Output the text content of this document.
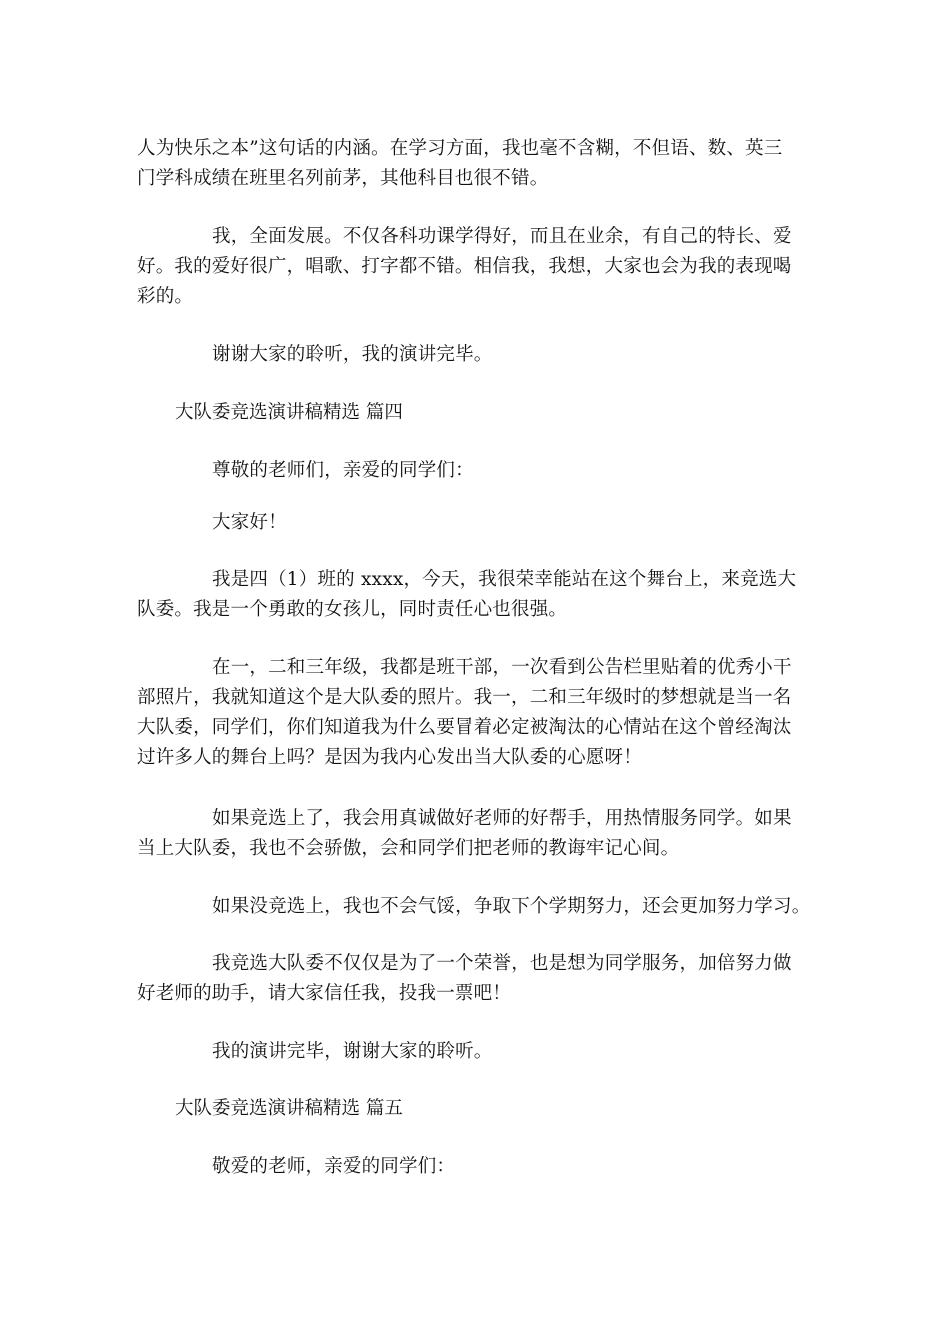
人为快乐之本”这句话的内涵。在学习方面，我也毫不含糊，不但语、数、英三
门学科成绩在班里名列前茅，其他科目也很不错。
我，全面发展。不仅各科功课学得好，而且在业余，有自己的特长、爱
好。我的爱好很广，唱歌、打字都不错。相信我，我想，大家也会为我的表现喝
彩的。
谢谢大家的聆听，我的演讲完毕。
大队委竞选演讲稿精选 篇四
尊敬的老师们，亲爱的同学们：
大家好！
我是四（1）班的 xxxx，今天，我很荣幸能站在这个舞台上，来竞选大
队委。我是一个勇敢的女孩儿，同时责任心也很强。
在一，二和三年级，我都是班干部，一次看到公告栏里贴着的优秀小干
部照片，我就知道这个是大队委的照片。我一，二和三年级时的梦想就是当一名
大队委，同学们，你们知道我为什么要冒着必定被淘汰的心情站在这个曾经淘汰
过许多人的舞台上吗？是因为我内心发出当大队委的心愿呀！
如果竞选上了，我会用真诚做好老师的好帮手，用热情服务同学。如果
当上大队委，我也不会骄傲，会和同学们把老师的教诲牢记心间。
如果没竞选上，我也不会气馁，争取下个学期努力，还会更加努力学习。
我竞选大队委不仅仅是为了一个荣誉，也是想为同学服务，加倍努力做
好老师的助手，请大家信任我，投我一票吧！
我的演讲完毕，谢谢大家的聆听。
大队委竞选演讲稿精选 篇五
敬爱的老师，亲爱的同学们：
